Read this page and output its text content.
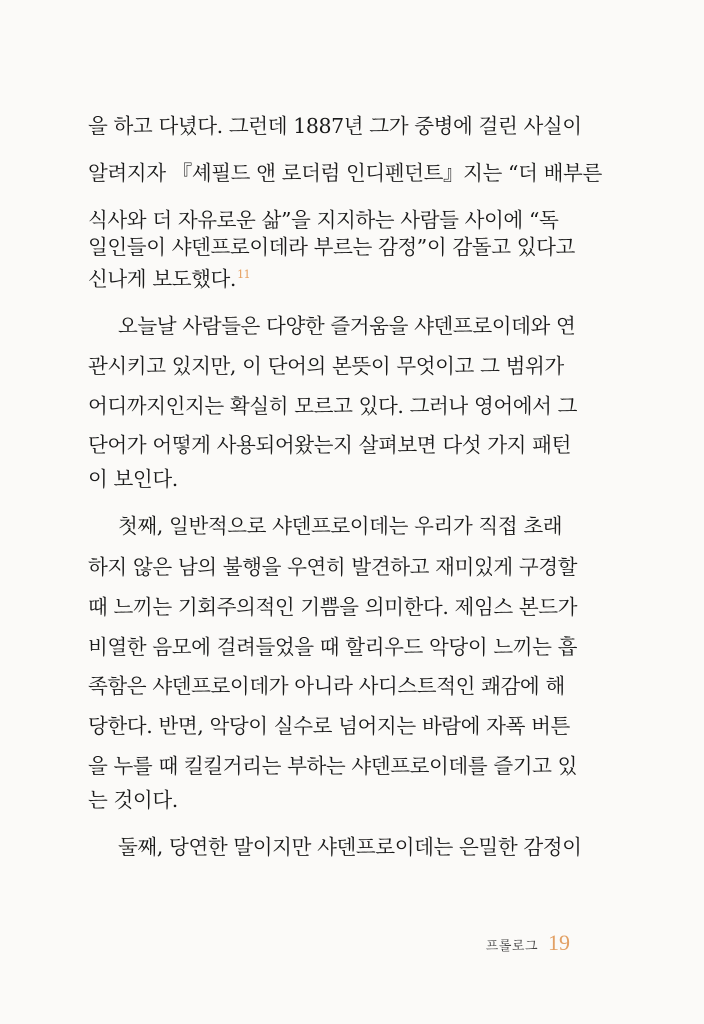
을 하고 다녔다. 그런데 1887년 그가 중병에 걸린 사실이
알려지자 『셰필드 앤 로더럼 인디펜던트』지는 “더 배부른
식사와 더 자유로운 삶”을 지지하는 사람들 사이에 “독
일인들이 샤덴프로이데라 부르는 감정”이 감돌고 있다고
신나게 보도했다.$^{11}$
오늘날 사람들은 다양한 즐거움을 샤덴프로이데와 연
관시키고 있지만, 이 단어의 본뜻이 무엇이고 그 범위가
어디까지인지는 확실히 모르고 있다. 그러나 영어에서 그
단어가 어떻게 사용되어왔는지 살펴보면 다섯 가지 패턴
이 보인다.
첫째, 일반적으로 샤덴프로이데는 우리가 직접 초래
하지 않은 남의 불행을 우연히 발견하고 재미있게 구경할
때 느끼는 기회주의적인 기쁨을 의미한다. 제임스 본드가
비열한 음모에 걸려들었을 때 할리우드 악당이 느끼는 흡
족함은 샤덴프로이데가 아니라 사디스트적인 쾌감에 해
당한다. 반면, 악당이 실수로 넘어지는 바람에 자폭 버튼
을 누를 때 킬킬거리는 부하는 샤덴프로이데를 즐기고 있
는 것이다.
둘째, 당연한 말이지만 샤덴프로이데는 은밀한 감정이
프롤로그 19
